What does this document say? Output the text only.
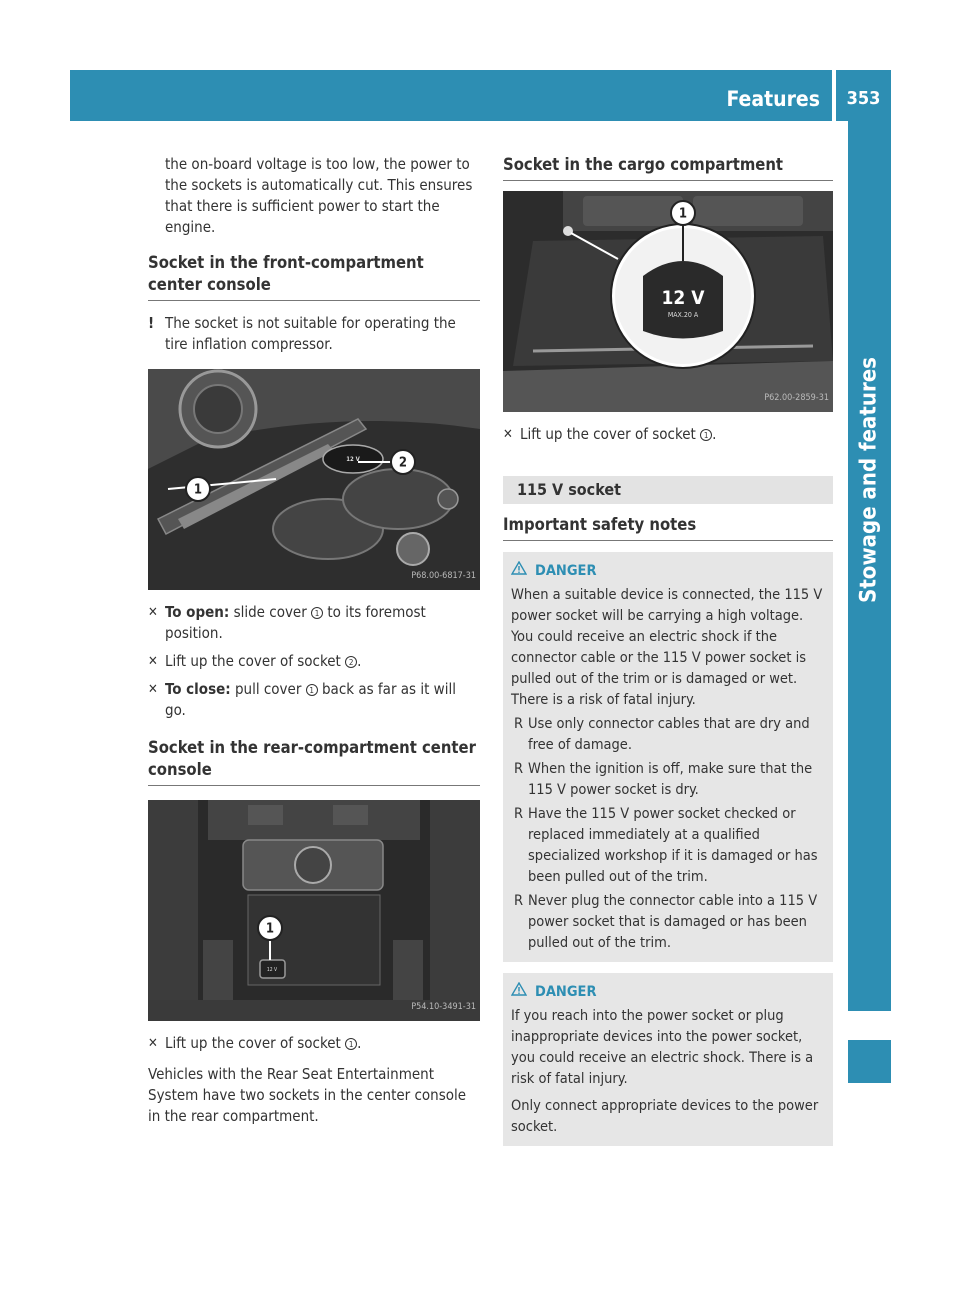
Features	353
Stowage and features

the on-board voltage is too low, the power to the sockets is automatically cut. This ensures that there is sufficient power to start the engine.

Socket in the front-compartment center console
! The socket is not suitable for operating the tire inflation compressor.
1
2
12 V
P68.00-6817-31
✕ To open: slide cover 1 to its foremost position.
✕ Lift up the cover of socket 2 .
✕ To close: pull cover 1 back as far as it will go.
Socket in the rear-compartment center console
1
12 V
P54.10-3491-31
✕ Lift up the cover of socket 1 .

Vehicles with the Rear Seat Entertainment System have two sockets in the center console in the rear compartment.

Socket in the cargo compartment
1
12 V
MAX.20 A
P62.00-2859-31
✕ Lift up the cover of socket 1 .
115 V socket
Important safety notes
DANGER

When a suitable device is connected, the 115 V power socket will be carrying a high voltage. You could receive an electric shock if the connector cable or the 115 V power socket is pulled out of the trim or is damaged or wet. There is a risk of fatal injury.

R Use only connector cables that are dry and free of damage.
R When the ignition is off, make sure that the 115 V power socket is dry.
R Have the 115 V power socket checked or replaced immediately at a qualified specialized workshop if it is damaged or has been pulled out of the trim.
R Never plug the connector cable into a 115 V power socket that is damaged or has been pulled out of the trim.
DANGER

If you reach into the power socket or plug inappropriate devices into the power socket, you could receive an electric shock. There is a risk of fatal injury.

Only connect appropriate devices to the power socket.
